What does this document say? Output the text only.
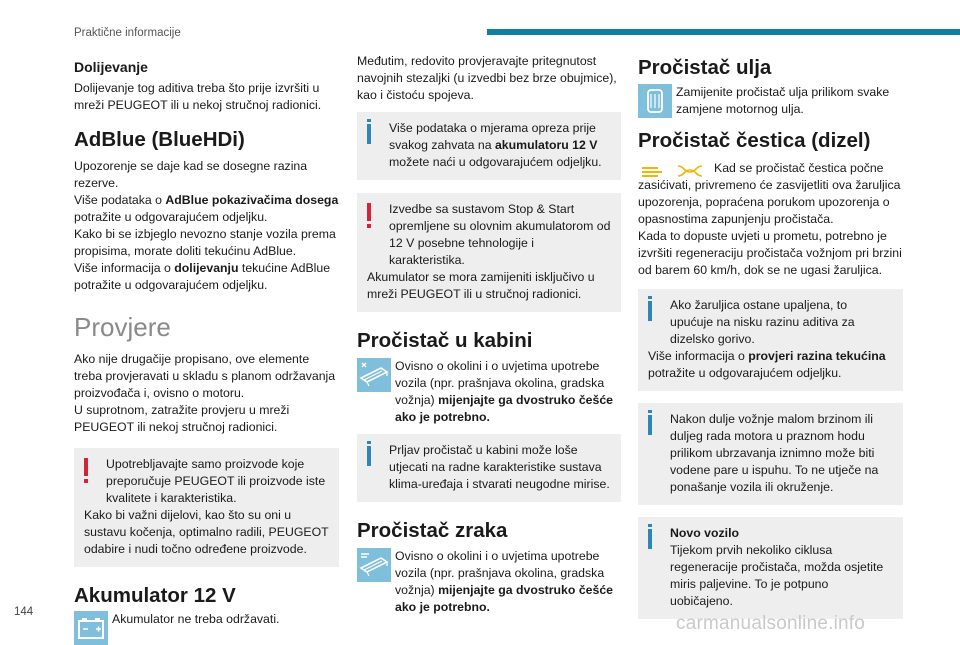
Praktične informacije

Dolijevanje

Dolijevanje tog aditiva treba što prije izvršiti u mreži PEUGEOT ili u nekoj stručnoj radionici.

AdBlue (BlueHDi)

Upozorenje se daje kad se dosegne razina rezerve.

Više podataka o AdBlue pokazivačima dosega potražite u odgovarajućem odjeljku.

Kako bi se izbjeglo nevozno stanje vozila prema propisima, morate doliti tekućinu AdBlue.

Više informacija o dolijevanju tekućine AdBlue potražite u odgovarajućem odjeljku.

Provjere

Ako nije drugačije propisano, ove elemente treba provjeravati u skladu s planom održavanja proizvođača i, ovisno o motoru.

U suprotnom, zatražite provjeru u mreži PEUGEOT ili nekoj stručnoj radionici.

Upotrebljavajte samo proizvode koje preporučuje PEUGEOT ili proizvode iste kvalitete i karakteristika.

Kako bi važni dijelovi, kao što su oni u sustavu kočenja, optimalno radili, PEUGEOT odabire i nudi točno određene proizvode.

Akumulator 12 V

Akumulator ne treba održavati.

Međutim, redovito provjeravajte pritegnutost navojnih stezaljki (u izvedbi bez brze obujmice), kao i čistoću spojeva.

Više podataka o mjerama opreza prije svakog zahvata na akumulatoru 12 V možete naći u odgovarajućem odjeljku.

Izvedbe sa sustavom Stop & Start opremljene su olovnim akumulatorom od 12 V posebne tehnologije i karakteristika.

Akumulator se mora zamijeniti isključivo u mreži PEUGEOT ili u stručnoj radionici.

Pročistač u kabini

Ovisno o okolini i o uvjetima upotrebe vozila (npr. prašnjava okolina, gradska vožnja) mijenjajte ga dvostruko češće ako je potrebno.

Prljav pročistač u kabini može loše utjecati na radne karakteristike sustava klima-uređaja i stvarati neugodne mirise.

Pročistač zraka

Ovisno o okolini i o uvjetima upotrebe vozila (npr. prašnjava okolina, gradska vožnja) mijenjajte ga dvostruko češće ako je potrebno.

Pročistač ulja

Zamijenite pročistač ulja prilikom svake zamjene motornog ulja.

Pročistač čestica (dizel)

Kad se pročistač čestica počne zasićivati, privremeno će zasvijetliti ova žaruljica upozorenja, popraćena porukom upozorenja o opasnostima zapunjenju pročistača.

Kada to dopuste uvjeti u prometu, potrebno je izvršiti regeneraciju pročistača vožnjom pri brzini od barem 60 km/h, dok se ne ugasi žaruljica.

Ako žaruljica ostane upaljena, to upućuje na nisku razinu aditiva za dizelsko gorivo.

Više informacija o provjeri razina tekućina potražite u odgovarajućem odjeljku.

Nakon dulje vožnje malom brzinom ili duljeg rada motora u praznom hodu prilikom ubrzavanja iznimno može biti vodene pare u ispuhu. To ne utječe na ponašanje vozila ili okruženje.

Novo vozilo

Tijekom prvih nekoliko ciklusa regeneracije pročistača, možda osjetite miris paljevine. To je potpuno uobičajeno.

144
carmanualsonline.info
